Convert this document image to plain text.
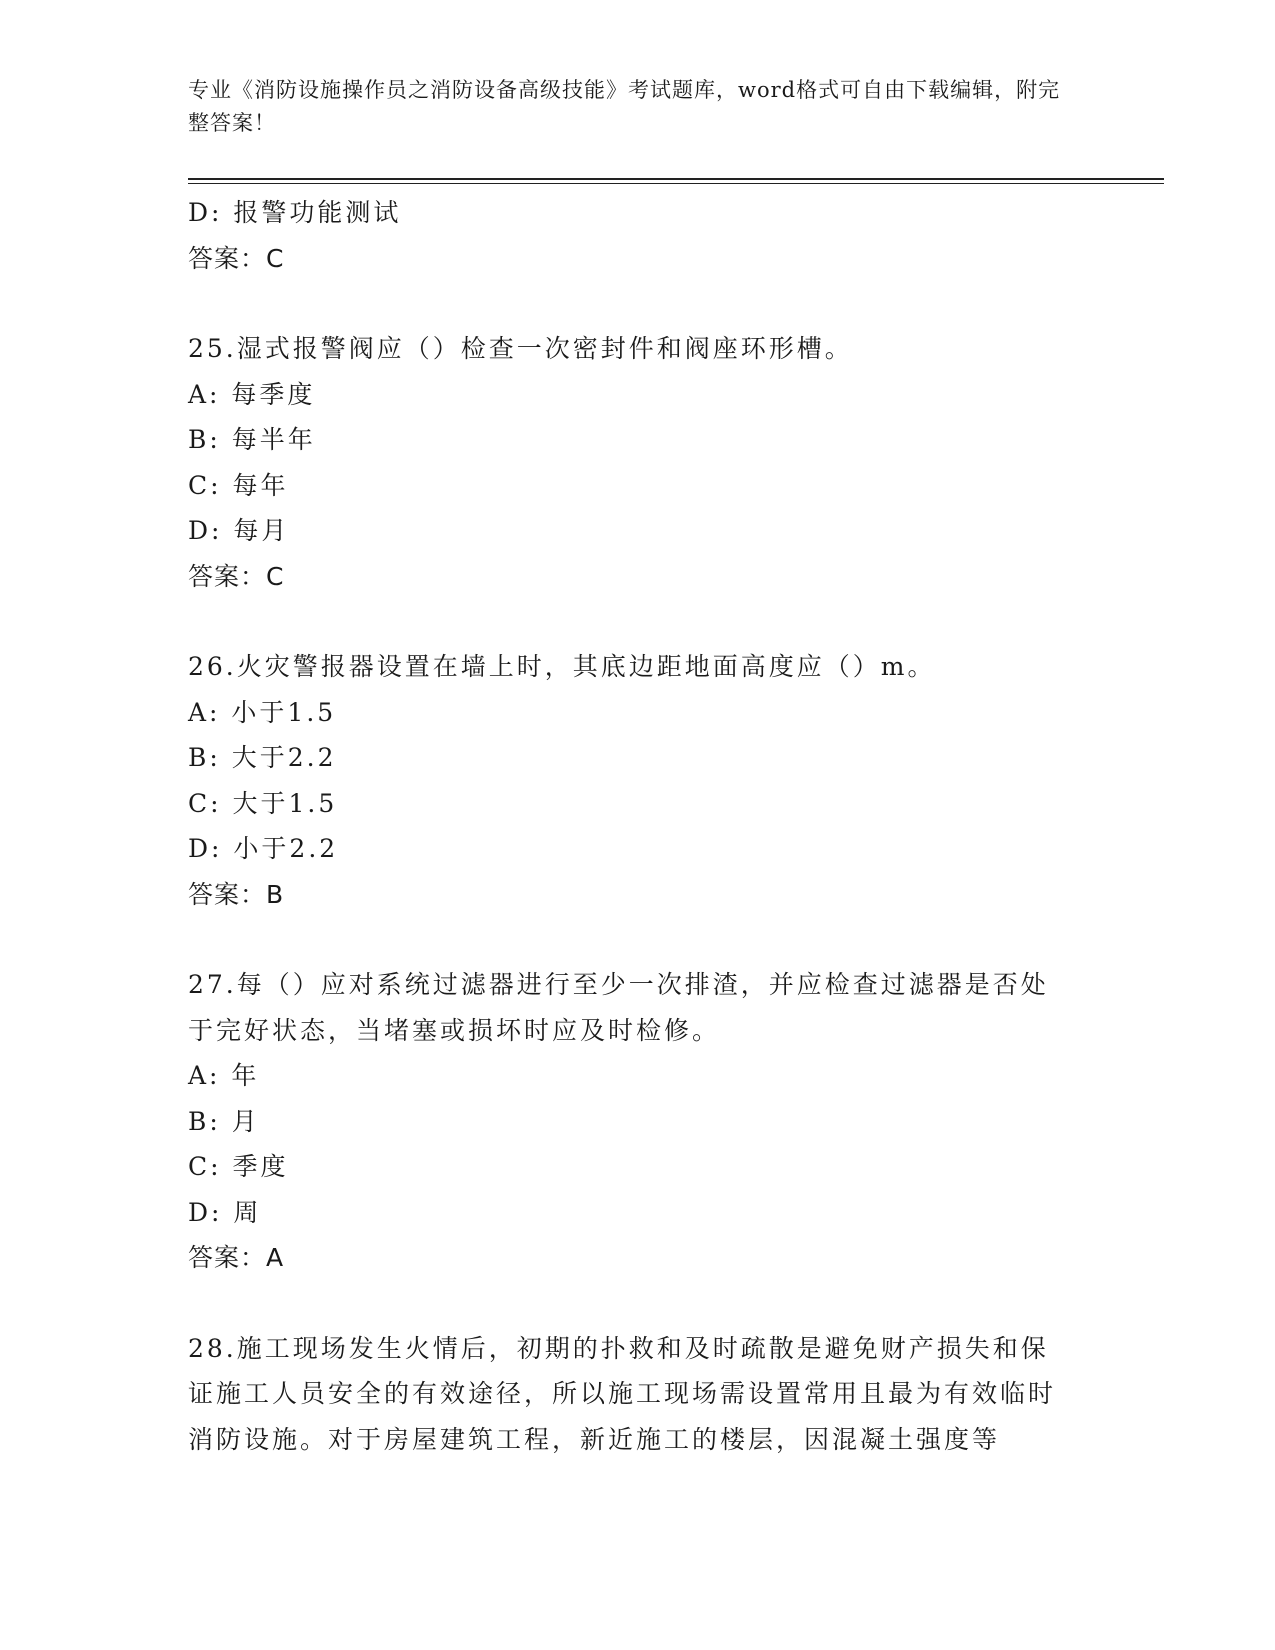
专业《消防设施操作员之消防设备高级技能》考试题库，word格式可自由下载编辑，附完整答案！
D: 报警功能测试
答案：C
25.湿式报警阀应（）检查一次密封件和阀座环形槽。
A: 每季度
B: 每半年
C: 每年
D: 每月
答案：C
26.火灾警报器设置在墙上时，其底边距地面高度应（）m。
A: 小于1.5
B: 大于2.2
C: 大于1.5
D: 小于2.2
答案：B
27.每（）应对系统过滤器进行至少一次排渣，并应检查过滤器是否处于完好状态，当堵塞或损坏时应及时检修。
A: 年
B: 月
C: 季度
D: 周
答案：A
28.施工现场发生火情后，初期的扑救和及时疏散是避免财产损失和保证施工人员安全的有效途径，所以施工现场需设置常用且最为有效临时消防设施。对于房屋建筑工程，新近施工的楼层，因混凝土强度等
